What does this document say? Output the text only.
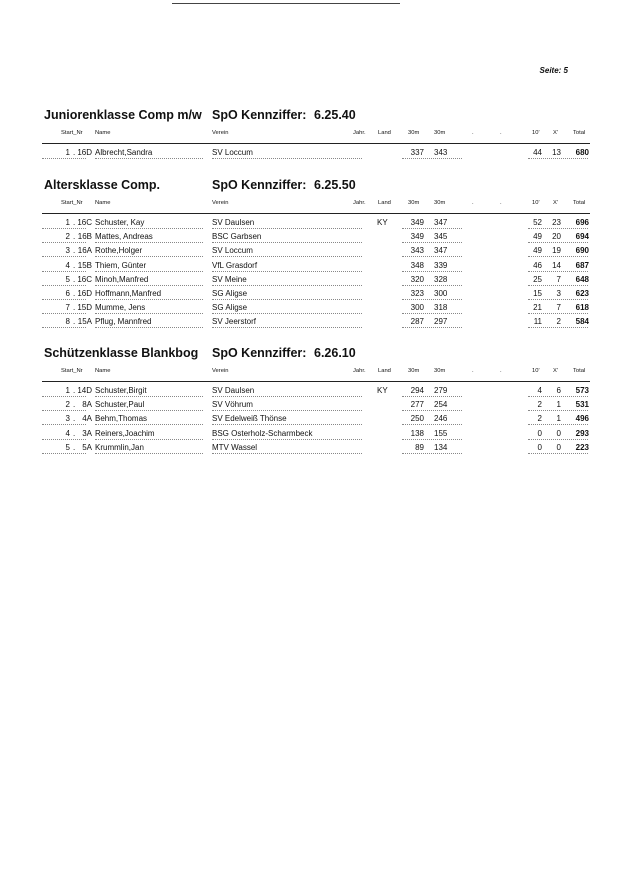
Seite: 5
Juniorenklasse Comp m/w SpO Kennziffer: 6.25.40
Start_Nr Name	Verein	Jahr. Land	30m	30m	.	.	10' X'	Total
1 16D Albrecht,Sandra	SV Loccum	337 343	44	13	680
.
Altersklasse Comp.	SpO Kennziffer: 6.25.50
Start_Nr Name	Verein	Jahr. Land	30m	30m	.	.	10' X'	Total
1 16C Schuster, Kay	SV Daulsen	KY	349 347	52	23	696
.
2 16B Mattes, Andreas	BSC Garbsen	349 345	49	20	694
.
3 16A Rothe,Holger	SV Loccum	343 347	49	19	690
.
4 15B Thiem, Günter	VfL Grasdorf	348 339	46	14	687
.
5 16C Minoh,Manfred	SV Meine	320 328	25	7	648
.
6 16D Hoffmann,Manfred	SG Aligse	323 300	15	3	623
.
7 15D Mumme, Jens	SG Aligse	300 318	21	7	618
.
8 15A Pflug, Mannfred	SV Jeerstorf	287 297	11	2	584
.
Schützenklasse Blankbog SpO Kennziffer: 6.26.10
Start_Nr Name	Verein	Jahr. Land	30m	30m	.	.	10' X'	Total
1 14D Schuster,Birgit	SV Daulsen	KY	294 279	4	6	573
.
2	8A Schuster,Paul	SV Vöhrum	277 254	2	1	531
.
3	4A Behm,Thomas	SV Edelweiß Thönse	250 246	2	1	496
.
4	3A Reiners,Joachim	BSG Osterholz-Scharmbeck	138 155	0	0	293
.
5	5A Krummlin,Jan	MTV Wassel	89 134	0	0	223
.
